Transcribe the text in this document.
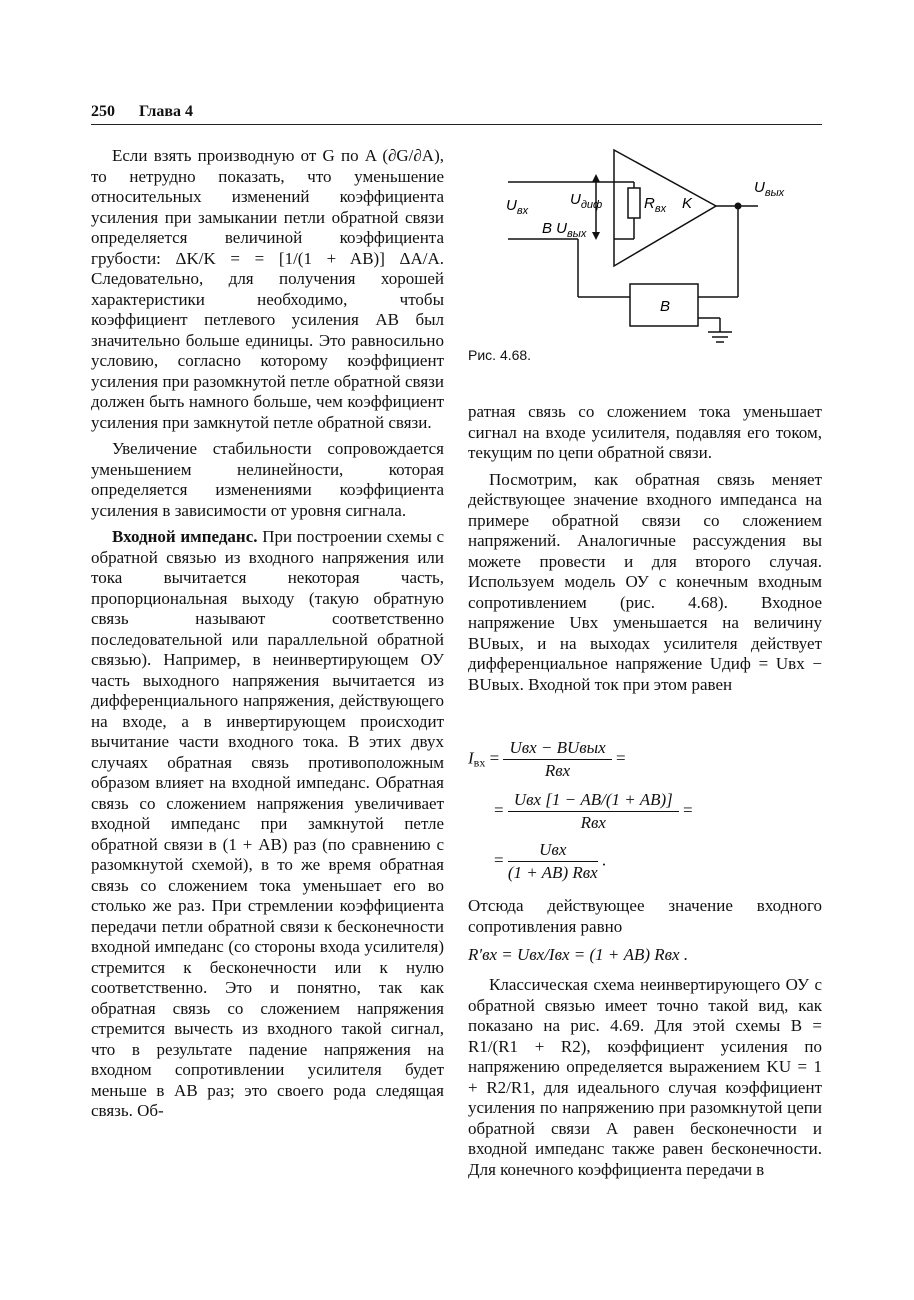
250 Глава 4

Если взять производную от G по A (∂G/∂A), то нетрудно показать, что уменьшение относительных изменений коэффициента усиления при замыкании петли обратной связи определяется величиной коэффициента грубости: ΔK/K = = [1/(1 + AB)] ΔA/A. Следовательно, для получения хорошей характеристики необходимо, чтобы коэффициент петлевого усиления AB был значительно больше единицы. Это равносильно условию, согласно которому коэффициент усиления при разомкнутой петле обратной связи должен быть намного больше, чем коэффициент усиления при замкнутой петле обратной связи.

Увеличение стабильности сопровождается уменьшением нелинейности, которая определяется изменениями коэффициента усиления в зависимости от уровня сигнала.

Входной импеданс. При построении схемы с обратной связью из входного напряжения или тока вычитается некоторая часть, пропорциональная выходу (такую обратную связь называют соответственно последовательной или параллельной обратной связью). Например, в неинвертирующем ОУ часть выходного напряжения вычитается из дифференциального напряжения, действующего на входе, а в инвертирующем происходит вычитание части входного тока. В этих двух случаях обратная связь противоположным образом влияет на входной импеданс. Обратная связь со сложением напряжения увеличивает входной импеданс при замкнутой петле обратной связи в (1 + AB) раз (по сравнению с разомкнутой схемой), в то же время обратная связь со сложением тока уменьшает его во столько же раз. При стремлении коэффициента передачи петли обратной связи к бесконечности входной импеданс (со стороны входа усилителя) стремится к бесконечности или к нулю соответственно. Это и понятно, так как обратная связь со сложением напряжения стремится вычесть из входного такой сигнал, что в результате падение напряжения на входном сопротивлении усилителя будет меньше в AB раз; это своего рода следящая связь. Об-

$U_{вх}$
$U_{диф}$
B $U_{вых}$
$R_{вх}$ K
$U_{вых}$
B
Рис. 4.68.

ратная связь со сложением тока уменьшает сигнал на входе усилителя, подавляя его током, текущим по цепи обратной связи.

Посмотрим, как обратная связь меняет действующее значение входного импеданса на примере обратной связи со сложением напряжений. Аналогичные рассуждения вы можете провести и для второго случая. Используем модель ОУ с конечным входным сопротивлением (рис. 4.68). Входное напряжение Uвх уменьшается на величину BUвых, и на выходах усилителя действует дифференциальное напряжение Uдиф = Uвх − BUвых. Входной ток при этом равен

$I_{вх} = \frac{\text{Uвх − BUвых}}{\text{Rвх}}$ =
= $\frac{\text{Uвх [1 − AB/(1 + AB)]}}{\text{Rвх}}$ =
= $\frac{\text{Uвх}}{\text{(1 + AB) Rвх}}$ .

Отсюда действующее значение входного сопротивления равно

R′вх = Uвх/Iвх = (1 + AB) Rвх .

Классическая схема неинвертирующего ОУ с обратной связью имеет точно такой вид, как показано на рис. 4.69. Для этой схемы B = R1/(R1 + R2), коэффициент усиления по напряжению определяется выражением KU = 1 + R2/R1, для идеального случая коэффициент усиления по напряжению при разомкнутой цепи обратной связи A равен бесконечности и входной импеданс также равен бесконечности. Для конечного коэффициента передачи в
